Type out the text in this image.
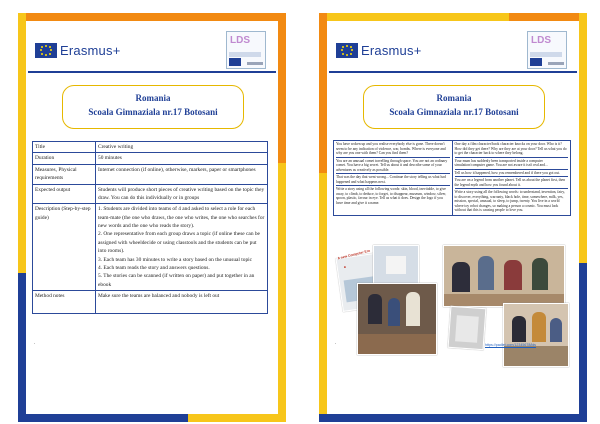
Erasmus+
LDS
Romania
Scoala Gimnaziala nr.17 Botosani
Title	Creative writing
Duration	50 minutes
Measures, Physical requirements	Internet connection (if online), otherwise, markers, paper or smartphones
Expected output	Students will produce short pieces of creative writing based on the topic they draw. You can do this individually or in groups
Description (Step-by-step guide)	1. Students are divided into teams of 4 and asked to select a role for each team-mate (the one who draws, the one who writes, the one who searches for new words and the one who reads the story).
2. One representative from each group draws a topic (if online these can be assigned with wheeldecide or using classtools and the students can be put into rooms).
3. Each team has 30 minutes to write a story based on the unusual topic
4. Each team reads the story and answers questions.
5. The stories can be scanned (if written on paper) and put together in an ebook
Method notes	Make sure the teams are balanced and nobody is left out
.
Erasmus+
LDS
Romania
Scoala Gimnaziala nr.17 Botosani

You have woken up and you realise everybody else is gone. There doesn't seem to be any indication of violence, war, bombs. Where is everyone and why are you one with them? Can you find them?

You are an unusual comet travelling through space. You are not an ordinary comet. You have a big secret. Tell us about it and describe some of your adventures as creatively as possible.

That was the day that went wrong... Continue the story telling us what had happened and what happens next.

Write a story using all the following words: skin, blood, inevitable, to give away, to climb, to deduce, to forget, to disappear, museum, window, silver, spoon, plastic, favour in eye. Tell us what it does. Design the logo if you have time and give it a name.

One day a film character/book character knocks on your door. Who is it? How did they get there? Why are they are at your door? Tell us what you do to get the character back to where they belong.

Your mum has suddenly been transported inside a computer simulation/computer game. You are not aware it isn't real and...

Tell us how it happened, how you remembered and if there you got out.

You are on a legend from another planet. Tell us about the planet first, then the legend myth and how you found about it.

Write a story using all the following words: to understand, invention, fairy, to discover, everything, warranty, black hole, time, somewhere, milk, yes, mission, special, unusual, to sleep, to jump, twenty. You live in a world where toy robot changes, so making a person a cosmic. You must look without that this is causing people to love you.

●
A new Computer Era
https://padlet.com/12345678/lds
.
